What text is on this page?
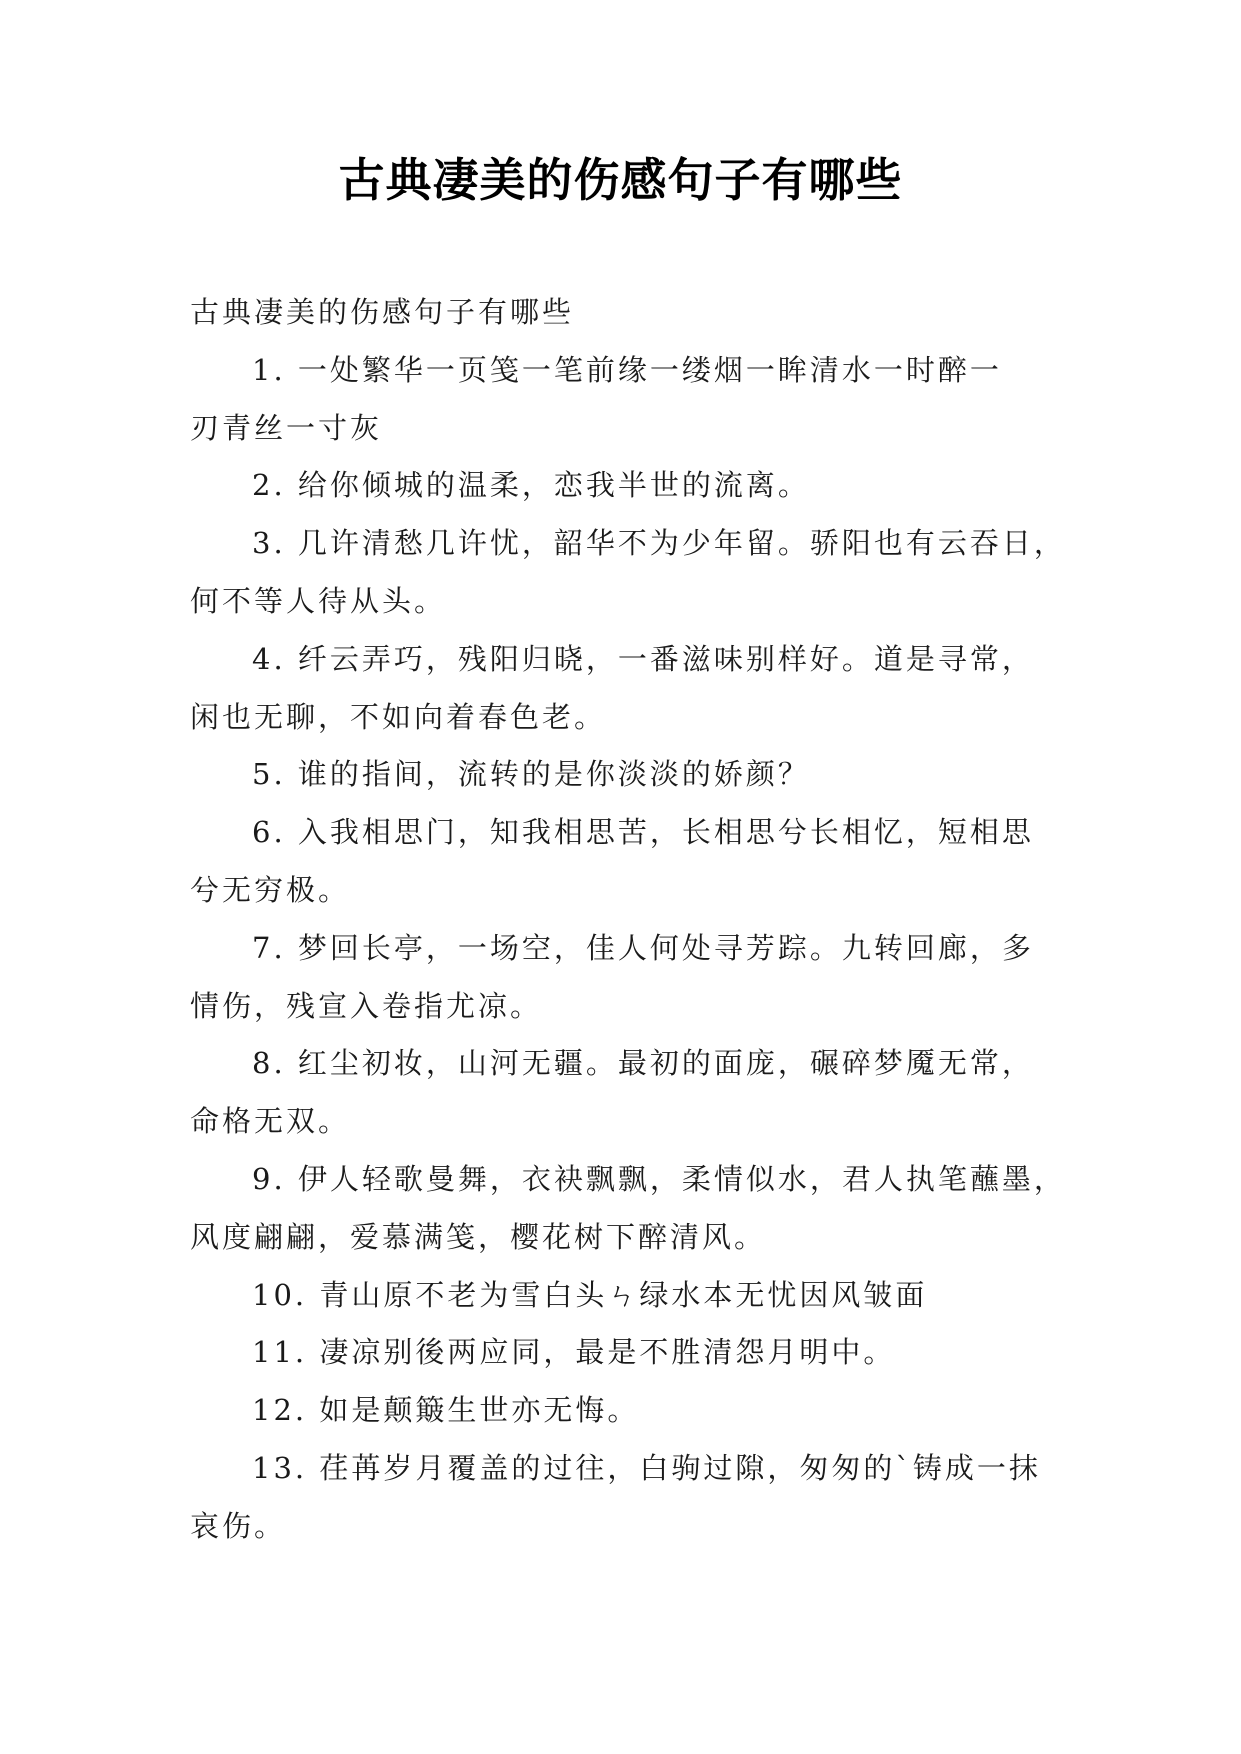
古典凄美的伤感句子有哪些

古典凄美的伤感句子有哪些

1. 一处繁华一页笺一笔前缘一缕烟一眸清水一时醉一

刃青丝一寸灰

2. 给你倾城的温柔，恋我半世的流离。

3. 几许清愁几许忧，韶华不为少年留。骄阳也有云吞日，

何不等人待从头。

4. 纤云弄巧，残阳归晓，一番滋味别样好。道是寻常，

闲也无聊，不如向着春色老。

5. 谁的指间，流转的是你淡淡的娇颜？

6. 入我相思门，知我相思苦，长相思兮长相忆，短相思

兮无穷极。

7. 梦回长亭，一场空，佳人何处寻芳踪。九转回廊，多

情伤，残宣入卷指尤凉。

8. 红尘初妆，山河无疆。最初的面庞，碾碎梦魇无常，

命格无双。

9. 伊人轻歌曼舞，衣袂飘飘，柔情似水，君人执笔蘸墨，

风度翩翩，爱慕满笺，樱花树下醉清风。

10. 青山原不老为雪白头ㄣ绿水本无忧因风皱面

11. 凄凉别後两应同，最是不胜清怨月明中。

12. 如是颠簸生世亦无悔。

13. 荏苒岁月覆盖的过往，白驹过隙，匆匆的`铸成一抹

哀伤。
